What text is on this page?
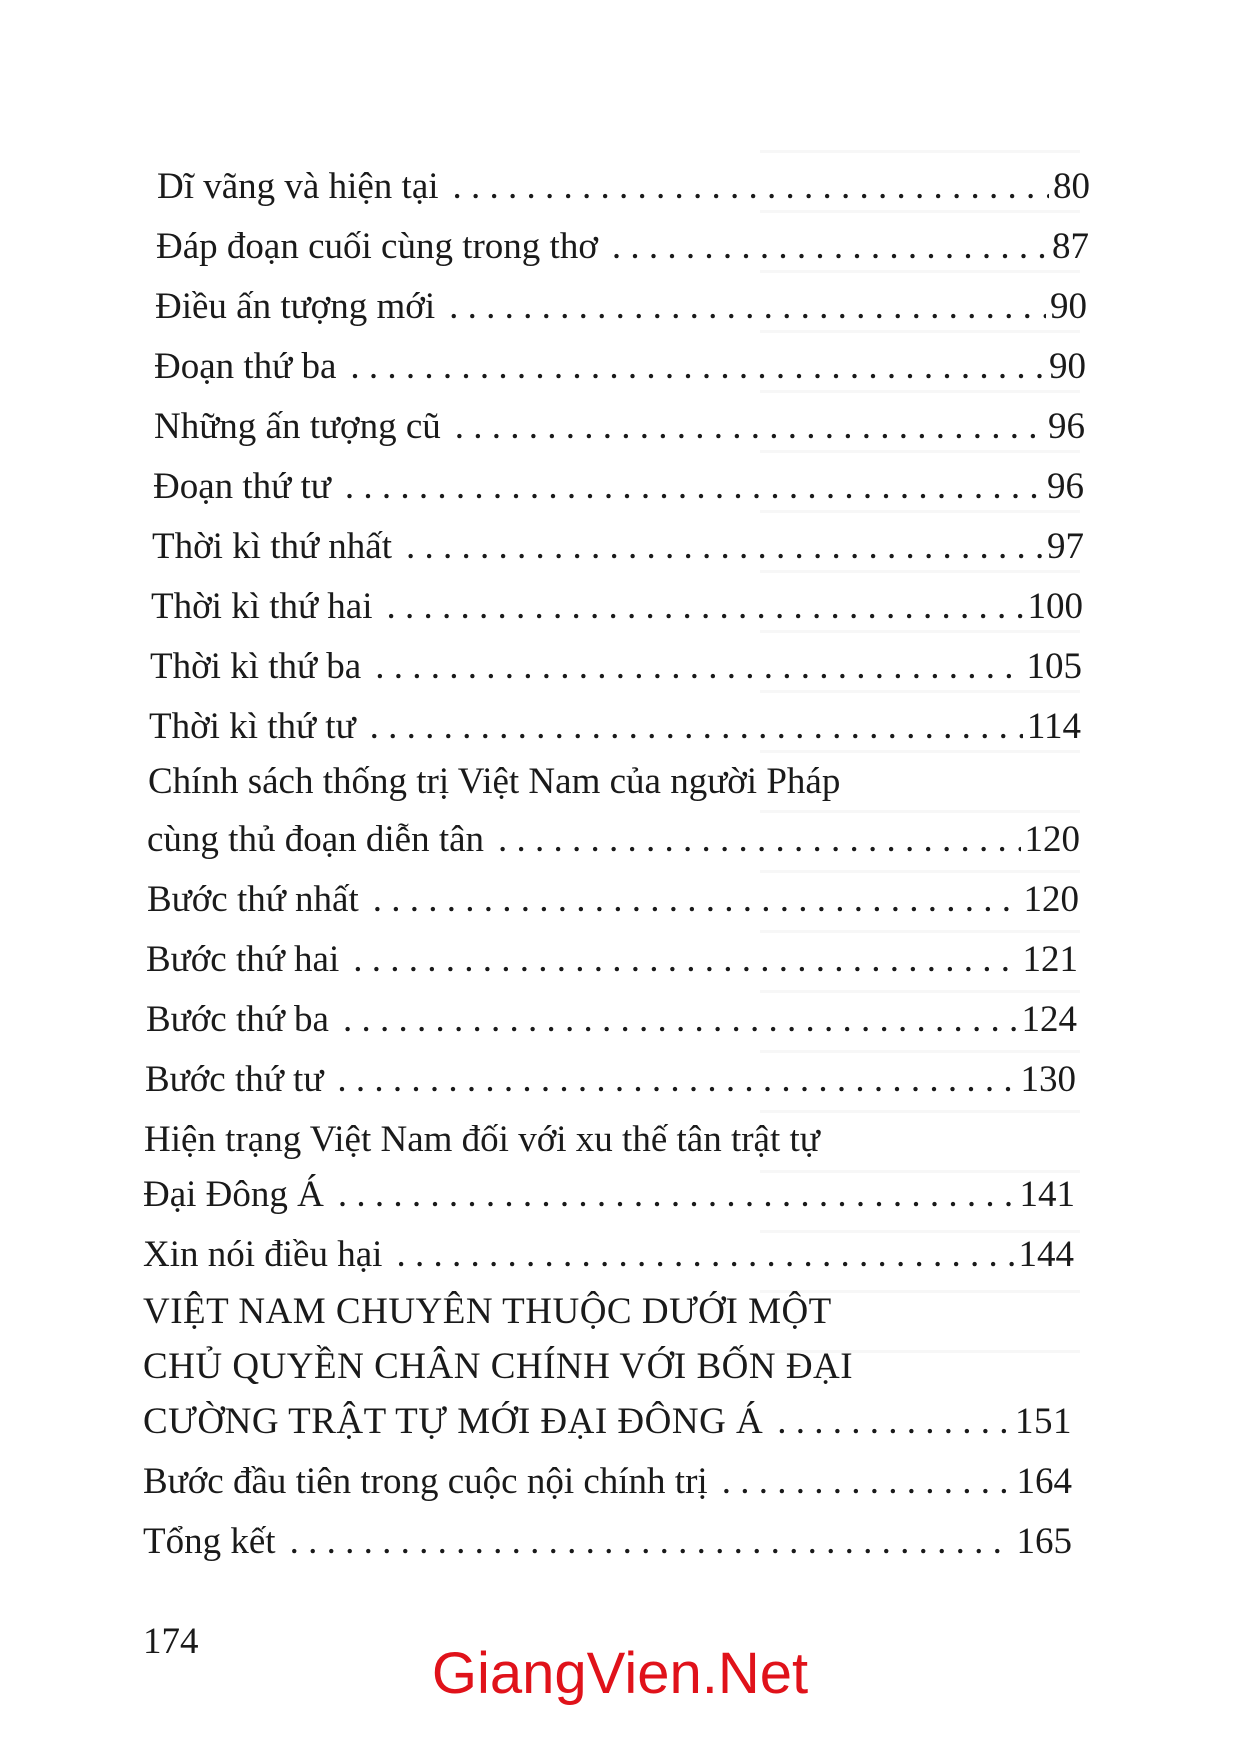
Dĩ vãng và hiện tại . . .	80
Đáp đoạn cuối cùng trong thơ . . .	87
Điều ấn tượng mới . . .	90
Đoạn thứ ba . . .	90
Những ấn tượng cũ . . .	96
Đoạn thứ tư . . .	96
Thời kì thứ nhất . . .	97
Thời kì thứ hai . . .	100
Thời kì thứ ba . . .	105
Thời kì thứ tư . . .	114
Chính sách thống trị Việt Nam của người Pháp
cùng thủ đoạn diễn tân . . .	120
Bước thứ nhất . . .	120
Bước thứ hai . . .	121
Bước thứ ba . . .	124
Bước thứ tư . . .	130
Hiện trạng Việt Nam đối với xu thế tân trật tự
Đại Đông Á . . .	141
Xin nói điều hại . . .	144
VIỆT NAM CHUYÊN THUỘC DƯỚI MỘT
CHỦ QUYỀN CHÂN CHÍNH VỚI BỐN ĐẠI
CƯỜNG TRẬT TỰ MỚI ĐẠI ĐÔNG Á . . .	151
Bước đầu tiên trong cuộc nội chính trị . . .	164
Tổng kết . . .	165
174	GiangVien.Net
